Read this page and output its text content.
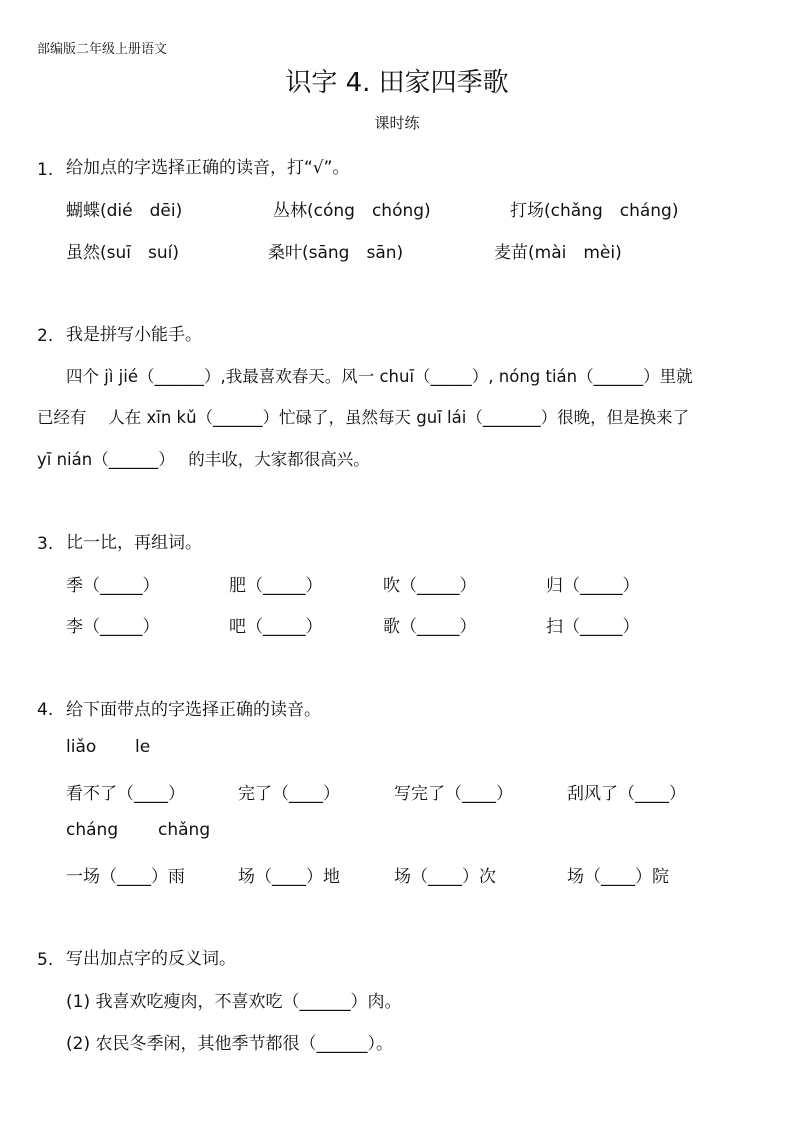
部编版二年级上册语文
识字 4. 田家四季歌
课时练
1. 给加点的字选择正确的读音，打“√”。
蝴蝶(dié　dēi)	丛林(cóng　chóng)	打场(chǎng　cháng)
虽然(suī　suí)	桑叶(sāng　sān)	麦苗(mài　mèi)
2. 我是拼写小能手。
四个 jì jié（______）,我最喜欢春天。风一 chuī（_____）, nóng tián（______）里就
已经有　 人在 xīn kǔ（______）忙碌了，虽然每天 guī lái（_______）很晚，但是换来了
yī nián（______）　 的丰收，大家都很高兴。
3. 比一比，再组词。
季（_____）	肥（_____）	吹（_____）	归（_____）
李（_____）	吧（_____）	歌（_____）	扫（_____）
4. 给下面带点的字选择正确的读音。
liǎo le
看不了（____）	完了（____）	写完了（____）	刮风了（____）
cháng chǎng
一场（____）雨	场（____）地	场（____）次	场（____）院
5. 写出加点字的反义词。
(1) 我喜欢吃瘦肉，不喜欢吃（______）肉。
(2) 农民冬季闲，其他季节都很（______）。
